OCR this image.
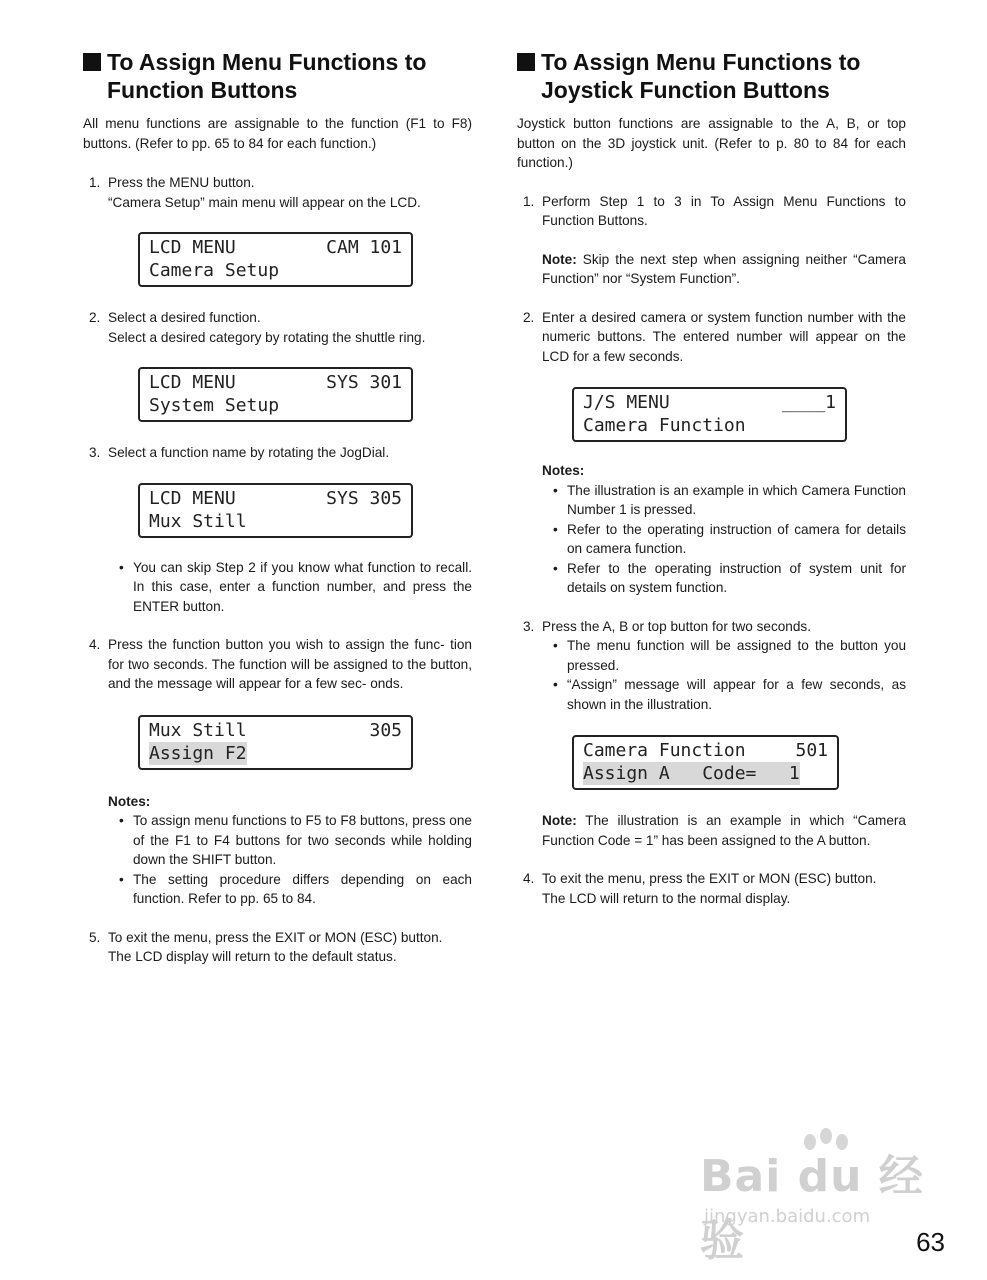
To Assign Menu Functions to
Function Buttons

All menu functions are assignable to the function (F1 to F8) buttons. (Refer to pp. 65 to 84 for each function.)

1. Press the MENU button.
“Camera Setup” main menu will appear on the LCD.
LCD MENU	CAM 101
Camera Setup
2. Select a desired function.
Select a desired category by rotating the shuttle ring.
LCD MENU	SYS 301
System Setup
3. Select a function name by rotating the JogDial.
LCD MENU	SYS 305
Mux Still
• You can skip Step 2 if you know what function to recall. In this case, enter a function number, and press the ENTER button.
4. Press the function button you wish to assign the func- tion for two seconds. The function will be assigned to the button, and the message will appear for a few sec- onds.
Mux Still	305
Assign F2

Notes:

• To assign menu functions to F5 to F8 buttons, press one of the F1 to F4 buttons for two seconds while holding down the SHIFT button.
• The setting procedure differs depending on each function. Refer to pp. 65 to 84.
5. To exit the menu, press the EXIT or MON (ESC) button.
The LCD display will return to the default status.
To Assign Menu Functions to
Joystick Function Buttons

Joystick button functions are assignable to the A, B, or top button on the 3D joystick unit. (Refer to p. 80 to 84 for each function.)

1. Perform Step 1 to 3 in To Assign Menu Functions to Function Buttons.
Note: Skip the next step when assigning neither “Camera Function” nor “System Function”.
2. Enter a desired camera or system function number with the numeric buttons. The entered number will appear on the LCD for a few seconds.
J/S MENU	____1
Camera Function

Notes:

• The illustration is an example in which Camera Function Number 1 is pressed.
• Refer to the operating instruction of camera for details on camera function.
• Refer to the operating instruction of system unit for details on system function.
3. Press the A, B or top button for two seconds.
• The menu function will be assigned to the button you pressed.
• “Assign” message will appear for a few seconds, as shown in the illustration.
Camera Function	501
Assign A   Code=   1
Note: The illustration is an example in which “Camera Function Code = 1” has been assigned to the A button.
4. To exit the menu, press the EXIT or MON (ESC) button.
The LCD will return to the normal display.
Bai du 经验
jingyan.baidu.com
63
